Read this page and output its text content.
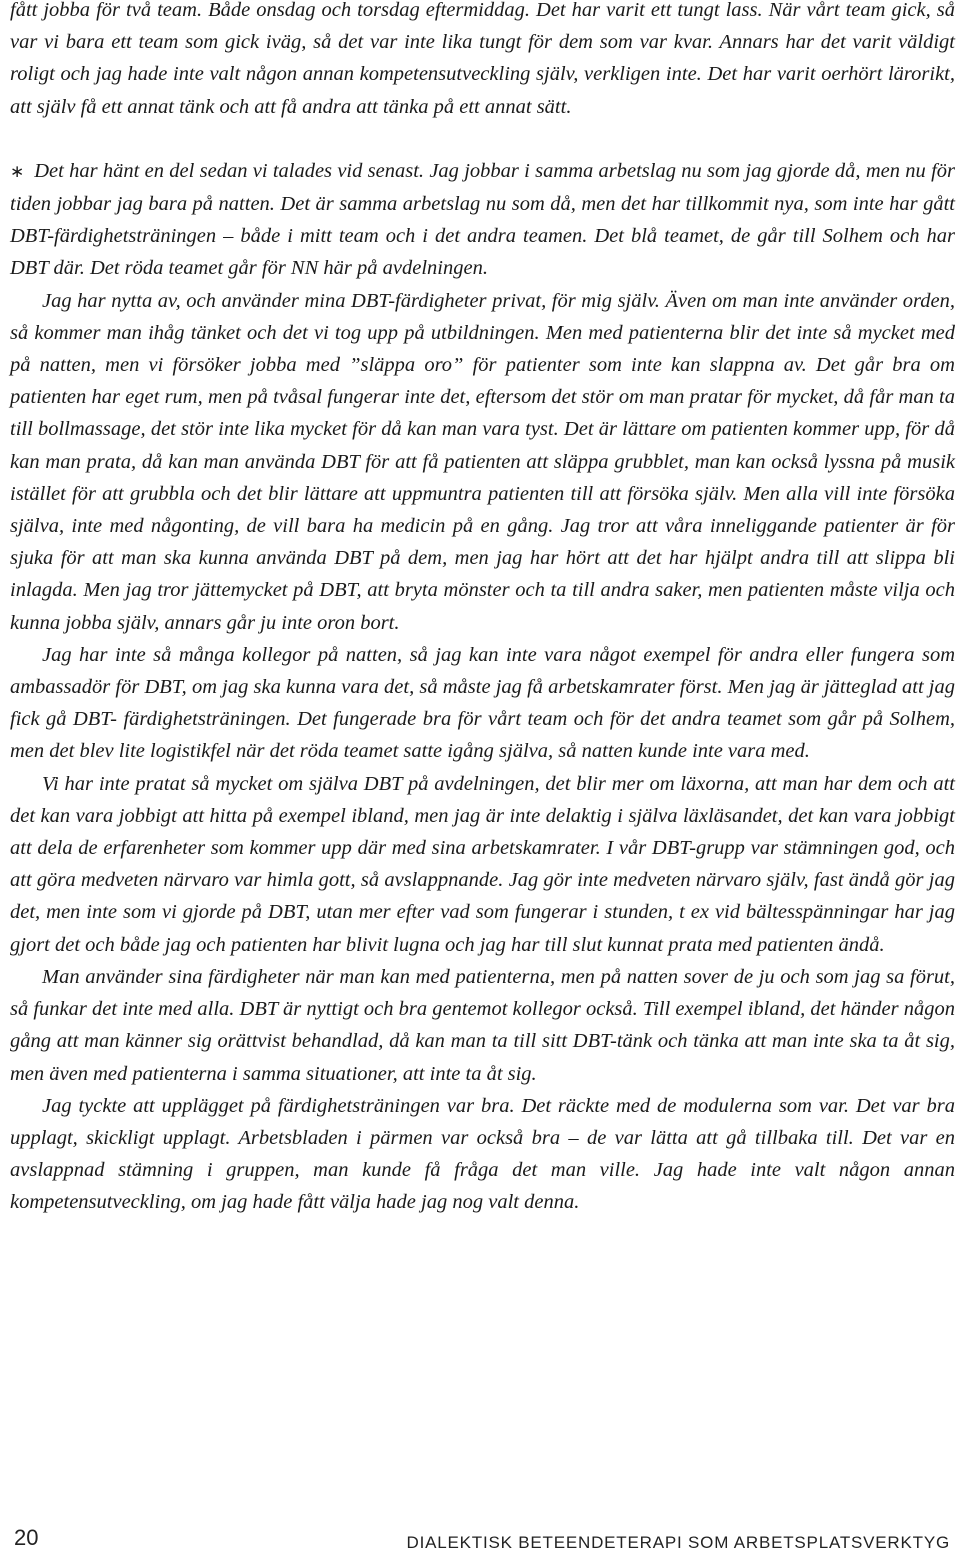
fått jobba för två team. Både onsdag och torsdag eftermiddag. Det har varit ett tungt lass. När vårt team gick, så var vi bara ett team som gick iväg, så det var inte lika tungt för dem som var kvar. Annars har det varit väldigt roligt och jag hade inte valt någon annan kompetensutveckling själv, verkligen inte. Det har varit oerhört lärorikt, att själv få ett annat tänk och att få andra att tänka på ett annat sätt.

∗ Det har hänt en del sedan vi talades vid senast. Jag jobbar i samma arbetslag nu som jag gjorde då, men nu för tiden jobbar jag bara på natten. Det är samma arbetslag nu som då, men det har tillkommit nya, som inte har gått DBT-färdighetsträningen – både i mitt team och i det andra teamen. Det blå teamet, de går till Solhem och har DBT där. Det röda teamet går för NN här på avdelningen.

Jag har nytta av, och använder mina DBT-färdigheter privat, för mig själv. Även om man inte använder orden, så kommer man ihåg tänket och det vi tog upp på utbildningen. Men med patienterna blir det inte så mycket med på natten, men vi försöker jobba med ”släppa oro” för patienter som inte kan slappna av. Det går bra om patienten har eget rum, men på tvåsal fungerar inte det, eftersom det stör om man pratar för mycket, då får man ta till bollmassage, det stör inte lika mycket för då kan man vara tyst. Det är lättare om patienten kommer upp, för då kan man prata, då kan man använda DBT för att få patienten att släppa grubblet, man kan också lyssna på musik istället för att grubbla och det blir lättare att uppmuntra patienten till att försöka själv. Men alla vill inte försöka själva, inte med någonting, de vill bara ha medicin på en gång. Jag tror att våra inneliggande patienter är för sjuka för att man ska kunna använda DBT på dem, men jag har hört att det har hjälpt andra till att slippa bli inlagda. Men jag tror jättemycket på DBT, att bryta mönster och ta till andra saker, men patienten måste vilja och kunna jobba själv, annars går ju inte oron bort.

Jag har inte så många kollegor på natten, så jag kan inte vara något exempel för andra eller fungera som ambassadör för DBT, om jag ska kunna vara det, så måste jag få arbetskamrater först. Men jag är jätteglad att jag fick gå DBT- färdighetsträningen. Det fungerade bra för vårt team och för det andra teamet som går på Solhem, men det blev lite logistikfel när det röda teamet satte igång själva, så natten kunde inte vara med.

Vi har inte pratat så mycket om själva DBT på avdelningen, det blir mer om läxorna, att man har dem och att det kan vara jobbigt att hitta på exempel ibland, men jag är inte delaktig i själva läxläsandet, det kan vara jobbigt att dela de erfarenheter som kommer upp där med sina arbetskamrater. I vår DBT-grupp var stämningen god, och att göra medveten närvaro var himla gott, så avslappnande. Jag gör inte medveten närvaro själv, fast ändå gör jag det, men inte som vi gjorde på DBT, utan mer efter vad som fungerar i stunden, t ex vid bältesspänningar har jag gjort det och både jag och patienten har blivit lugna och jag har till slut kunnat prata med patienten ändå.

Man använder sina färdigheter när man kan med patienterna, men på natten sover de ju och som jag sa förut, så funkar det inte med alla. DBT är nyttigt och bra gentemot kollegor också. Till exempel ibland, det händer någon gång att man känner sig orättvist behandlad, då kan man ta till sitt DBT-tänk och tänka att man inte ska ta åt sig, men även med patienterna i samma situationer, att inte ta åt sig.

Jag tyckte att upplägget på färdighetsträningen var bra. Det räckte med de modulerna som var. Det var bra upplagt, skickligt upplagt. Arbetsbladen i pärmen var också bra – de var lätta att gå tillbaka till. Det var en avslappnad stämning i gruppen, man kunde få fråga det man ville. Jag hade inte valt någon annan kompetensutveckling, om jag hade fått välja hade jag nog valt denna.

20	DIALEKTISK BETEENDETERAPI SOM ARBETSPLATSVERKTYG
